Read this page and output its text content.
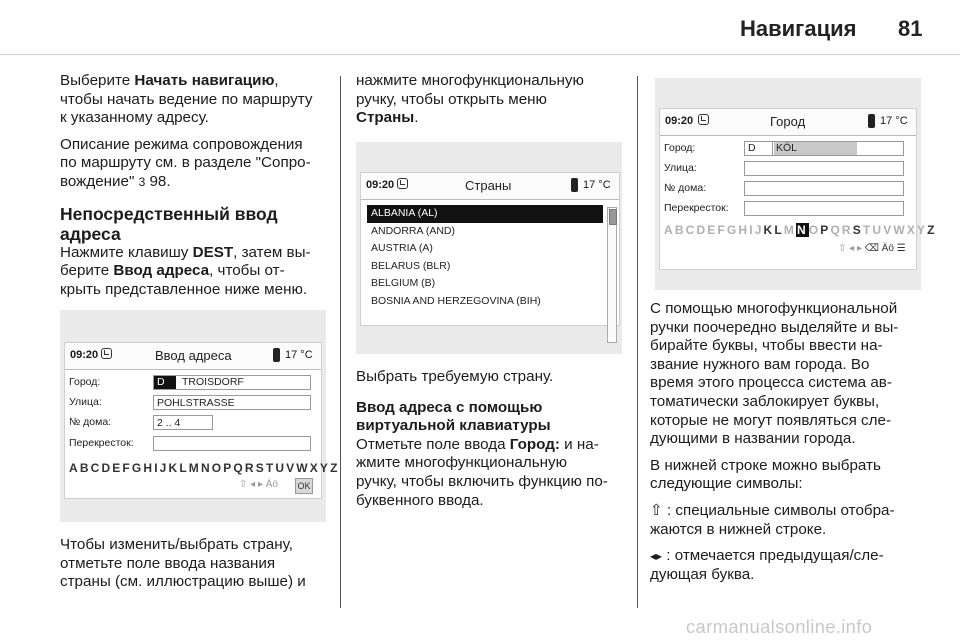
Навигация 81

Выберите Начать навигацию,
чтобы начать ведение по маршруту
к указанному адресу.

Описание режима сопровождения
по маршруту см. в разделе "Сопро‑
вождение" 3 98.

Непосредственный ввод
адреса

Нажмите клавишу DEST, затем вы‑
берите Ввод адреса, чтобы от‑
крыть представленное ниже меню.

09:20	Ввод адреса	17 °C
Город:	D	TROISDORF
Улица:	POHLSTRASSE
№ дома:	2 .. 4
Перекресток:
ABCDEFGHIJKLMNOPQRSTUVWXYZ
⇧ ◂ ▸ Äö OK

Чтобы изменить/выбрать страну,
отметьте поле ввода названия
страны (см. иллюстрацию выше) и

нажмите многофункциональную
ручку, чтобы открыть меню
Страны.

09:20	Страны	17 °C
ALBANIA (AL)
ANDORRA (AND)
AUSTRIA (A)
BELARUS (BLR)
BELGIUM (B)
BOSNIA AND HERZEGOVINA (BIH)

Выбрать требуемую страну.

Ввод адреса с помощью
виртуальной клавиатуры

Отметьте поле ввода Город: и на‑
жмите многофункциональную
ручку, чтобы включить функцию по‑
буквенного ввода.

09:20	Город	17 °C
Город:	D KÖL
Улица:
№ дома:
Перекресток:
ABCDEFGHIJKLMNOPQRSTUVWXYZ
⇧ ◂ ▸ ⌫ Äö ☰

С помощью многофункциональной
ручки поочередно выделяйте и вы‑
бирайте буквы, чтобы ввести на‑
звание нужного вам города. Во
время этого процесса система ав‑
томатически заблокирует буквы,
которые не могут появляться сле‑
дующими в названии города.

В нижней строке можно выбрать
следующие символы:

⇧ : специальные символы отобра‑
жаются в нижней строке.

◂▸ : отмечается предыдущая/сле‑
дующая буква.

carmanualsonline.info
